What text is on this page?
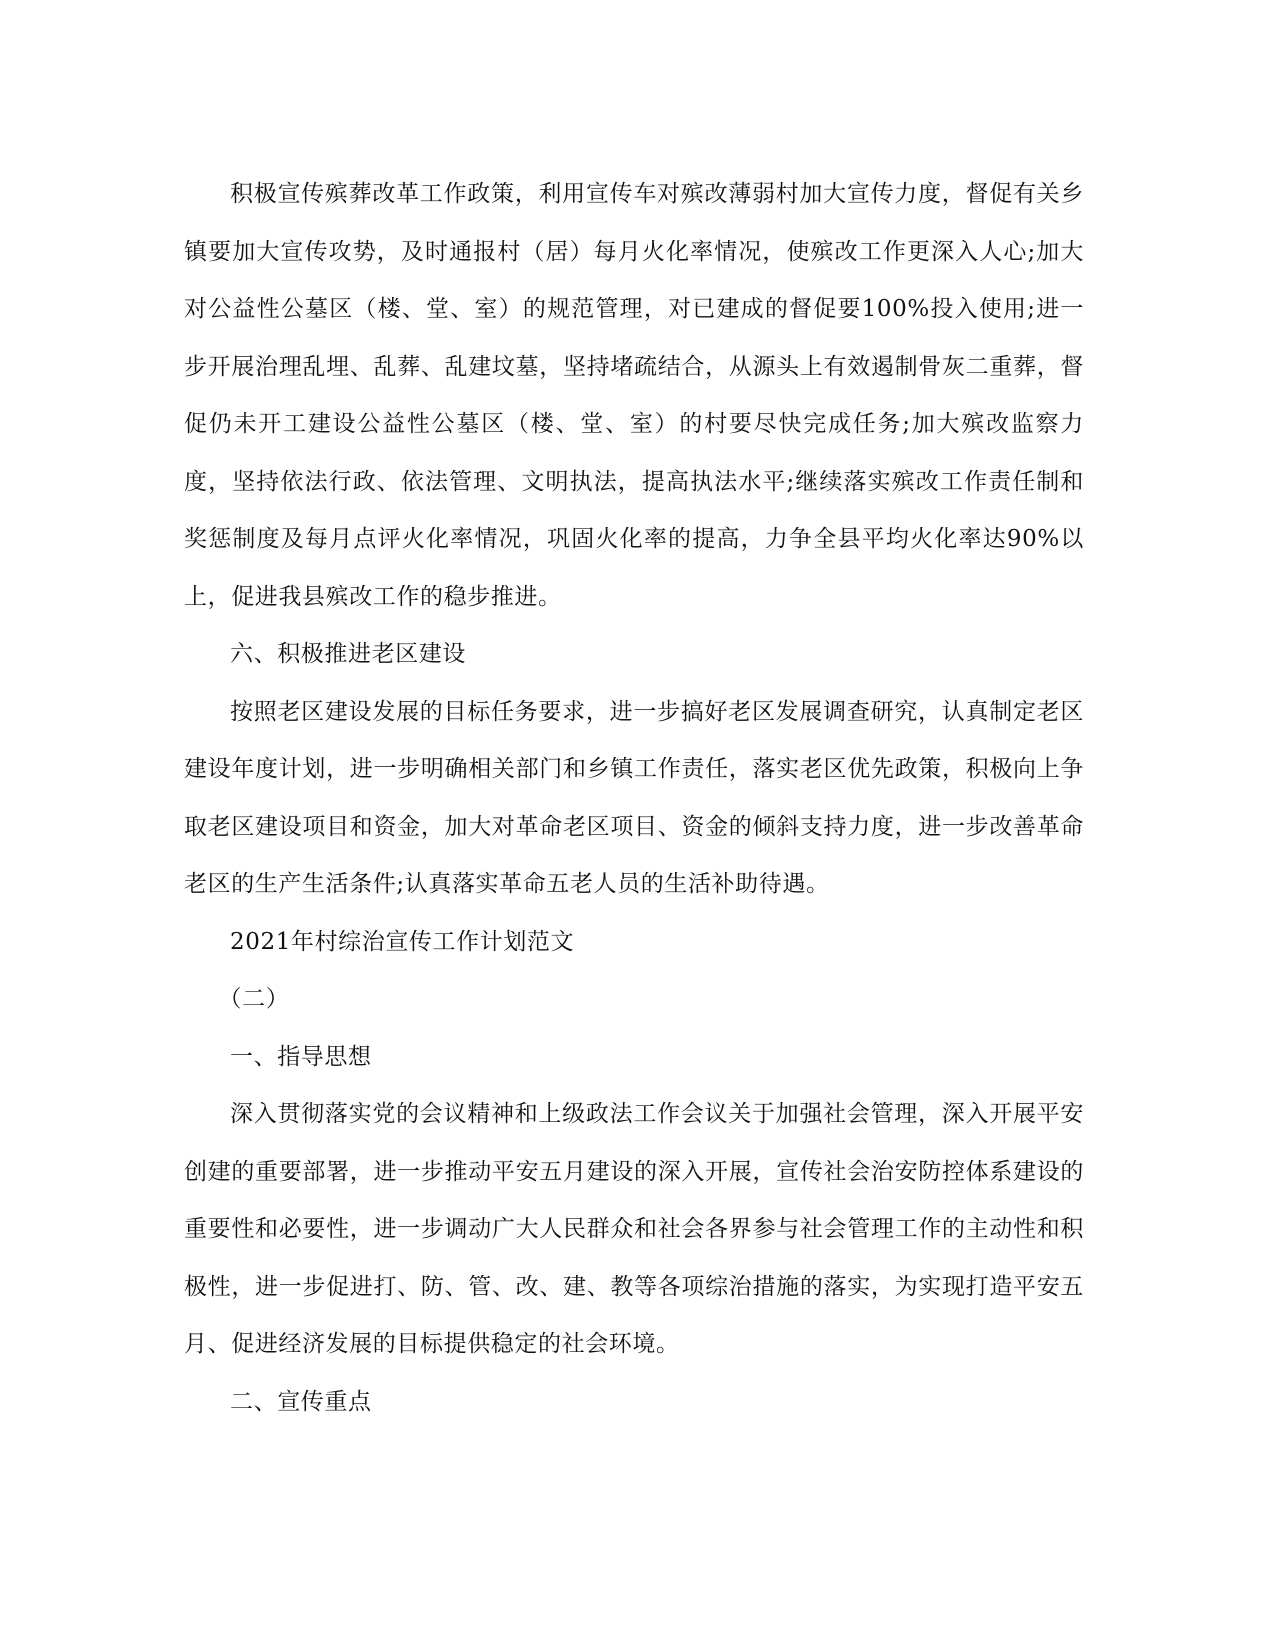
积极宣传殡葬改革工作政策，利用宣传车对殡改薄弱村加大宣传力度，督促有关乡镇要加大宣传攻势，及时通报村（居）每月火化率情况，使殡改工作更深入人心;加大对公益性公墓区（楼、堂、室）的规范管理，对已建成的督促要100%投入使用;进一步开展治理乱埋、乱葬、乱建坟墓，坚持堵疏结合，从源头上有效遏制骨灰二重葬，督促仍未开工建设公益性公墓区（楼、堂、室）的村要尽快完成任务;加大殡改监察力度，坚持依法行政、依法管理、文明执法，提高执法水平;继续落实殡改工作责任制和奖惩制度及每月点评火化率情况，巩固火化率的提高，力争全县平均火化率达90%以上，促进我县殡改工作的稳步推进。

六、积极推进老区建设

按照老区建设发展的目标任务要求，进一步搞好老区发展调查研究，认真制定老区建设年度计划，进一步明确相关部门和乡镇工作责任，落实老区优先政策，积极向上争取老区建设项目和资金，加大对革命老区项目、资金的倾斜支持力度，进一步改善革命老区的生产生活条件;认真落实革命五老人员的生活补助待遇。

2021年村综治宣传工作计划范文

（二）

一、指导思想

深入贯彻落实党的会议精神和上级政法工作会议关于加强社会管理，深入开展平安创建的重要部署，进一步推动平安五月建设的深入开展，宣传社会治安防控体系建设的重要性和必要性，进一步调动广大人民群众和社会各界参与社会管理工作的主动性和积极性，进一步促进打、防、管、改、建、教等各项综治措施的落实，为实现打造平安五月、促进经济发展的目标提供稳定的社会环境。

二、宣传重点
